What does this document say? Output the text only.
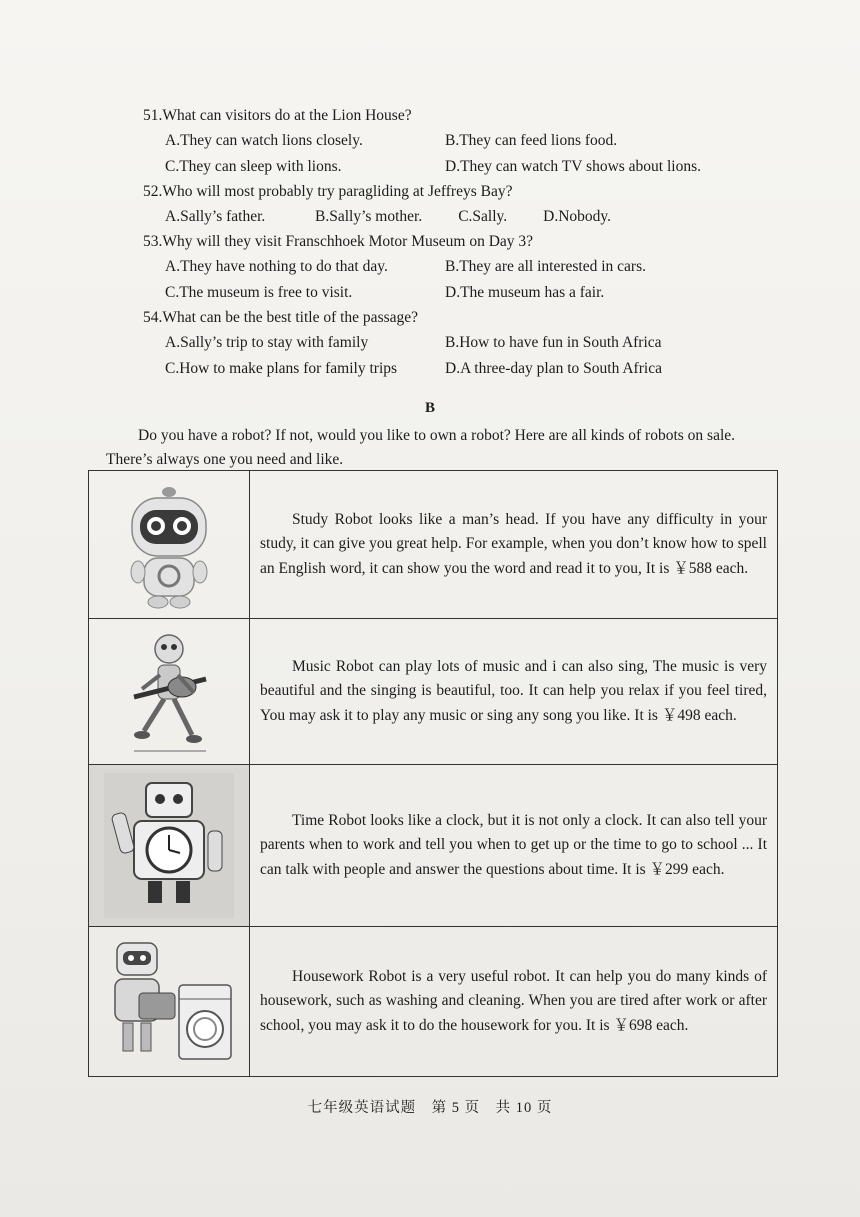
51.What can visitors do at the Lion House?

A.They can watch lions closely.	B.They can feed lions food.
C.They can sleep with lions.	D.They can watch TV shows about lions.

52.Who will most probably try paragliding at Jeffreys Bay?

A.Sally’s father.	B.Sally’s mother. C.Sally. D.Nobody.

53.Why will they visit Franschhoek Motor Museum on Day 3?

A.They have nothing to do that day.	B.They are all interested in cars.
C.The museum is free to visit.	D.The museum has a fair.

54.What can be the best title of the passage?

A.Sally’s trip to stay with family	B.How to have fun in South Africa
C.How to make plans for family trips	D.A three-day plan to South Africa
B
Do you have a robot? If not, would you like to own a robot? Here are all kinds of robots on sale. There’s always one you need and like.

Study Robot looks like a man’s head. If you have any difficulty in your study, it can give you great help. For example, when you don’t know how to spell an English word, it can show you the word and read it to you, It is ￥588 each.

Music Robot can play lots of music and i can also sing, The music is very beautiful and the singing is beautiful, too. It can help you relax if you feel tired, You may ask it to play any music or sing any song you like. It is ￥498 each.

Time Robot looks like a clock, but it is not only a clock. It can also tell your parents when to work and tell you when to get up or the time to go to school ... It can talk with people and answer the questions about time. It is ￥299 each.

Housework Robot is a very useful robot. It can help you do many kinds of housework, such as washing and cleaning. When you are tired after work or after school, you may ask it to do the housework for you. It is ￥698 each.

七年级英语试题　第 5 页　共 10 页
